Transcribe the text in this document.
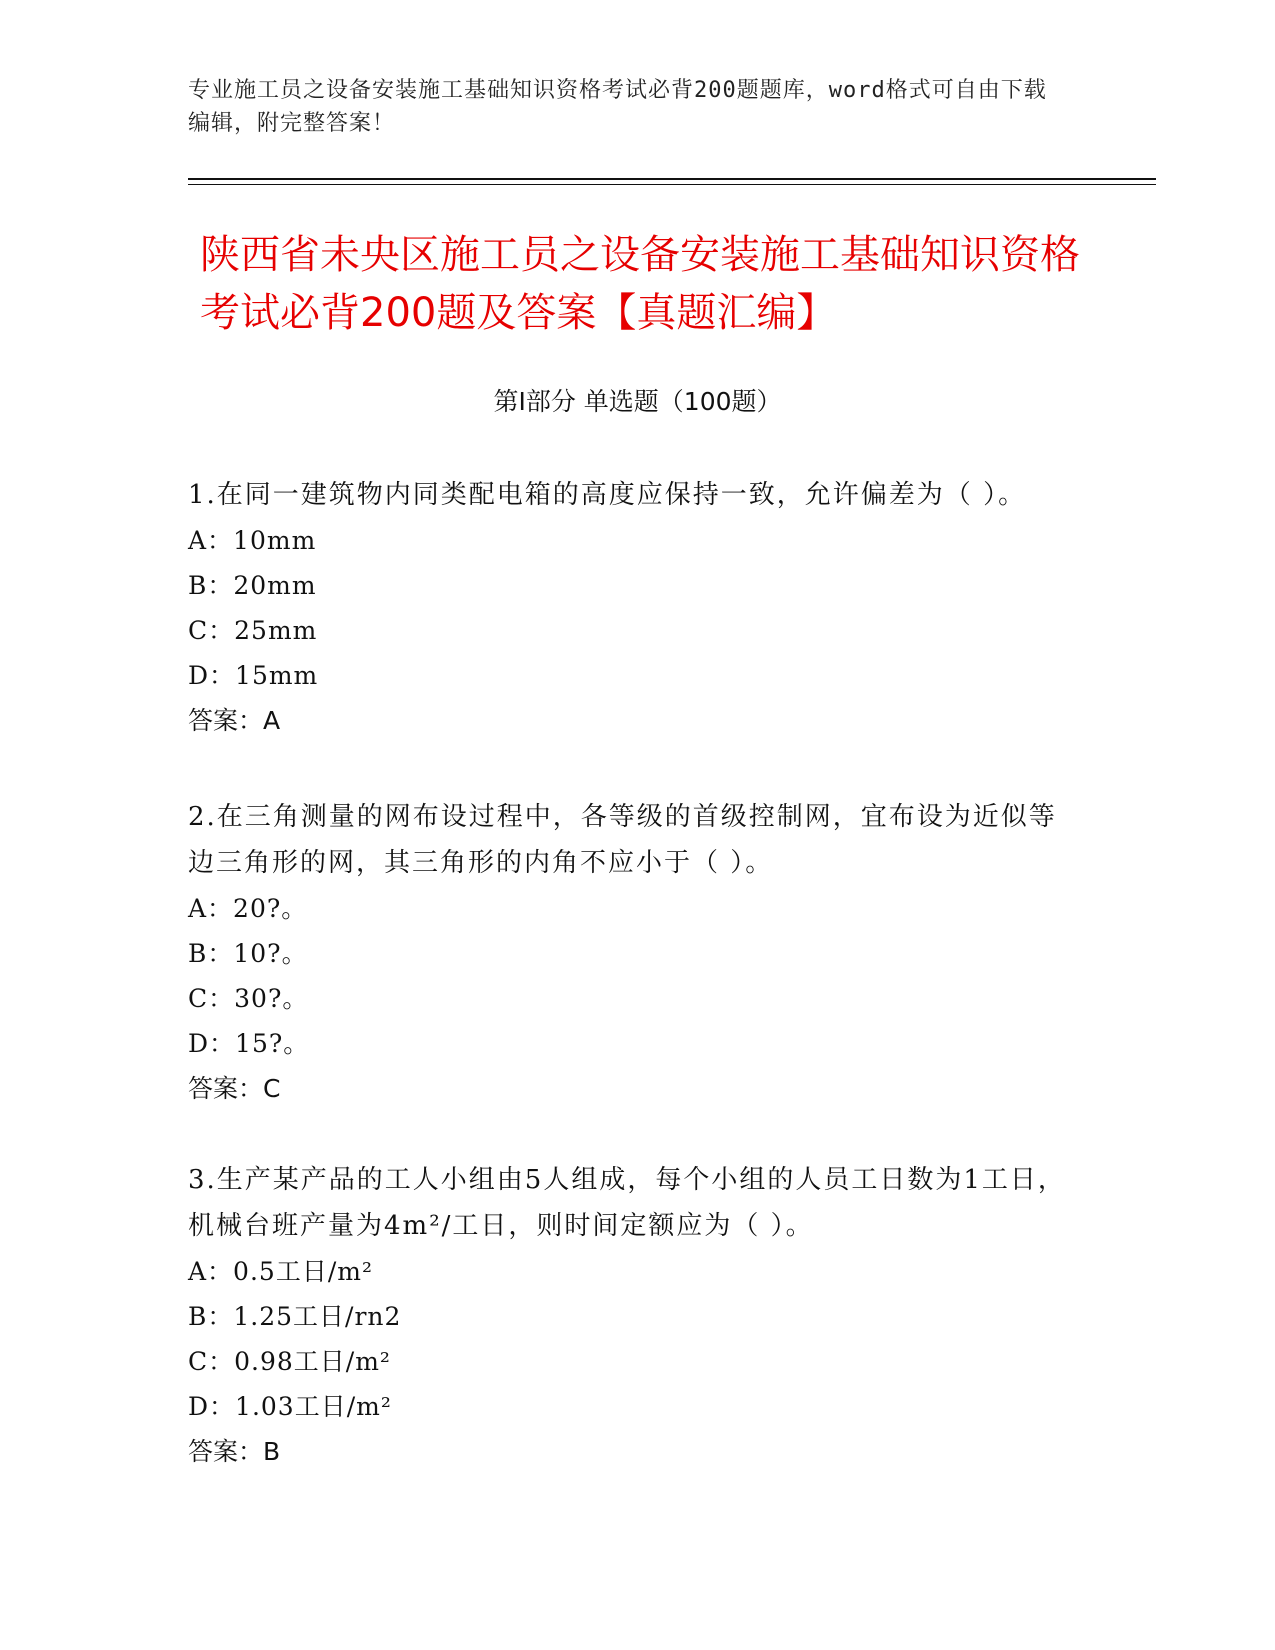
专业施工员之设备安装施工基础知识资格考试必背200题题库，word格式可自由下载编辑，附完整答案！
陕西省未央区施工员之设备安装施工基础知识资格考试必背200题及答案【真题汇编】
第I部分 单选题（100题）
1.在同一建筑物内同类配电箱的高度应保持一致，允许偏差为（ ）。
A：10mm
B：20mm
C：25mm
D：15mm
答案：A
2.在三角测量的网布设过程中，各等级的首级控制网，宜布设为近似等边三角形的网，其三角形的内角不应小于（ ）。
A：20?。
B：10?。
C：30?。
D：15?。
答案：C
3.生产某产品的工人小组由5人组成，每个小组的人员工日数为1工日，机械台班产量为4m²/工日，则时间定额应为（ ）。
A：0.5工日/m²
B：1.25工日/rn2
C：0.98工日/m²
D：1.03工日/m²
答案：B
